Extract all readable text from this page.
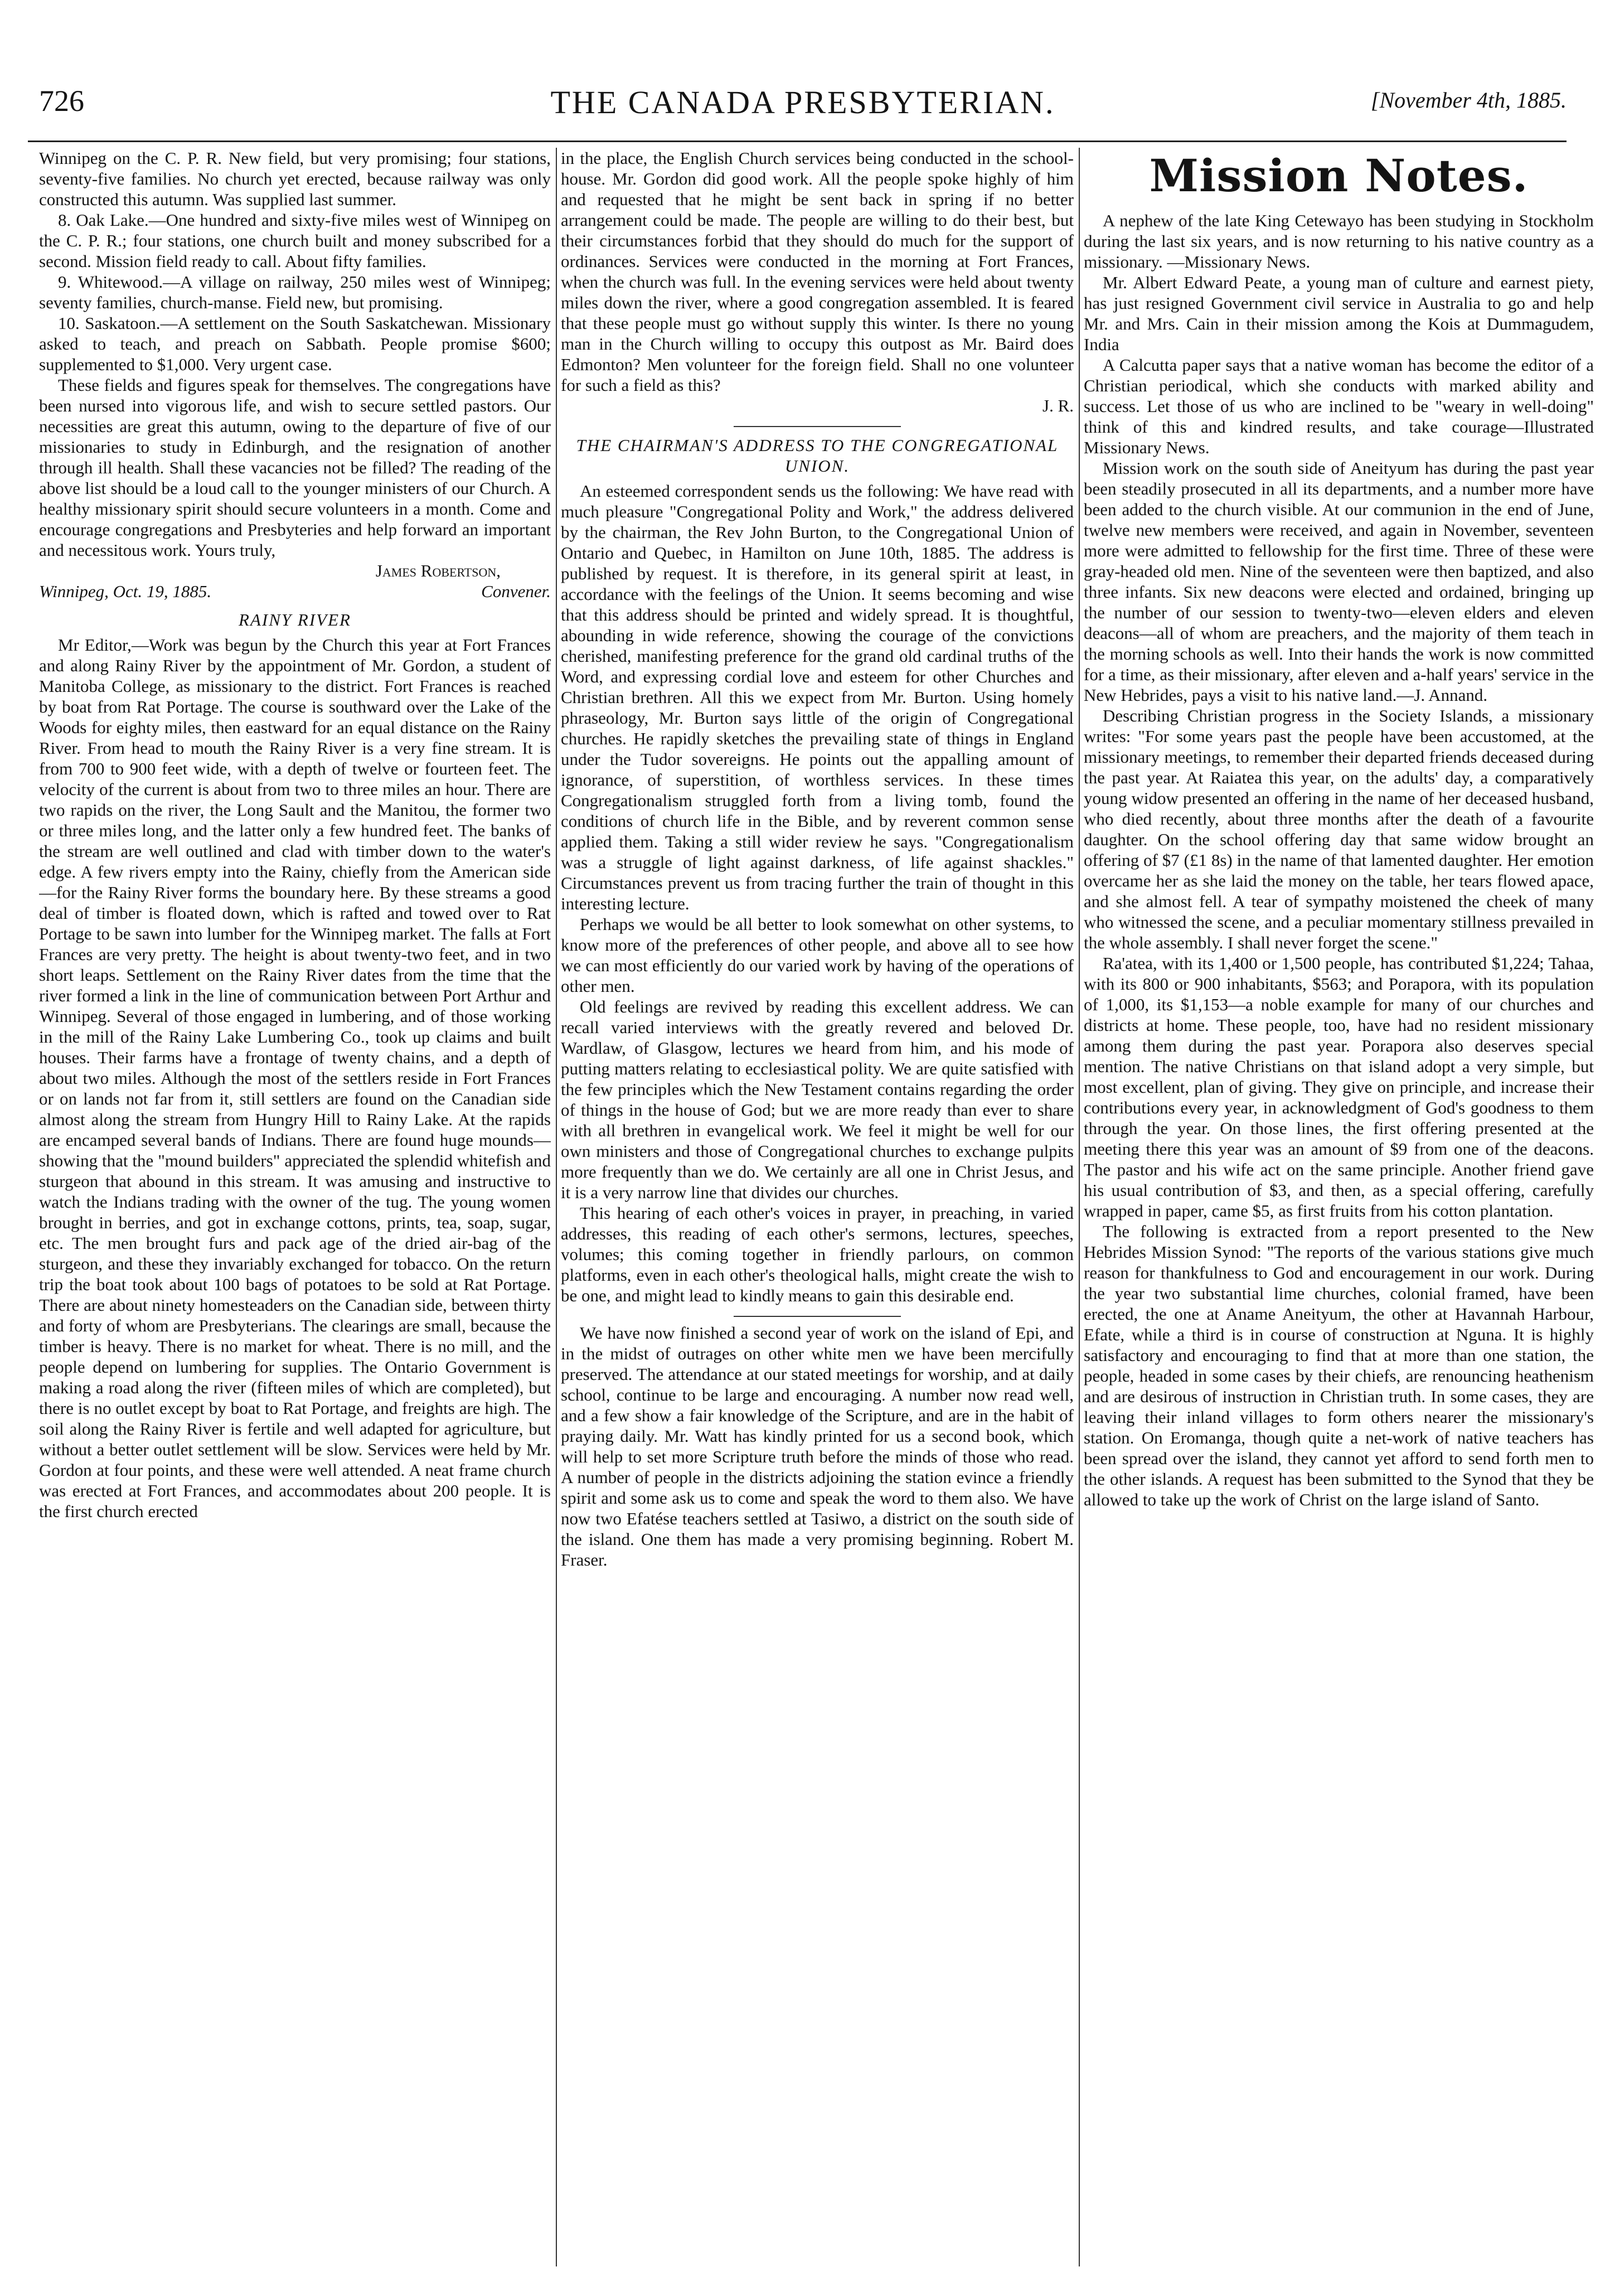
726	THE CANADA PRESBYTERIAN.	[November 4th, 1885.

Winnipeg on the C. P. R. New field, but very promising; four stations, seventy-five families. No church yet erected, because railway was only constructed this autumn. Was supplied last summer.

8. Oak Lake.—One hundred and sixty-five miles west of Winnipeg on the C. P. R.; four stations, one church built and money subscribed for a second. Mission field ready to call. About fifty families.

9. Whitewood.—A village on railway, 250 miles west of Winnipeg; seventy families, church-manse. Field new, but promising.

10. Saskatoon.—A settlement on the South Saskatchewan. Missionary asked to teach, and preach on Sabbath. People promise $600; supplemented to $1,000. Very urgent case.

These fields and figures speak for themselves. The congregations have been nursed into vigorous life, and wish to secure settled pastors. Our necessities are great this autumn, owing to the departure of five of our missionaries to study in Edinburgh, and the resignation of another through ill health. Shall these vacancies not be filled? The reading of the above list should be a loud call to the younger ministers of our Church. A healthy missionary spirit should secure volunteers in a month. Come and encourage congregations and Presbyteries and help forward an important and necessitous work. Yours truly,

James Robertson,
Winnipeg, Oct. 19, 1885.	Convener.
RAINY RIVER

Mr Editor,—Work was begun by the Church this year at Fort Frances and along Rainy River by the appointment of Mr. Gordon, a student of Manitoba College, as missionary to the district. Fort Frances is reached by boat from Rat Portage. The course is southward over the Lake of the Woods for eighty miles, then eastward for an equal distance on the Rainy River. From head to mouth the Rainy River is a very fine stream. It is from 700 to 900 feet wide, with a depth of twelve or fourteen feet. The velocity of the current is about from two to three miles an hour. There are two rapids on the river, the Long Sault and the Manitou, the former two or three miles long, and the latter only a few hundred feet. The banks of the stream are well outlined and clad with timber down to the water's edge. A few rivers empty into the Rainy, chiefly from the American side—for the Rainy River forms the boundary here. By these streams a good deal of timber is floated down, which is rafted and towed over to Rat Portage to be sawn into lumber for the Winnipeg market. The falls at Fort Frances are very pretty. The height is about twenty-two feet, and in two short leaps. Settlement on the Rainy River dates from the time that the river formed a link in the line of communication between Port Arthur and Winnipeg. Several of those engaged in lumbering, and of those working in the mill of the Rainy Lake Lumbering Co., took up claims and built houses. Their farms have a frontage of twenty chains, and a depth of about two miles. Although the most of the settlers reside in Fort Frances or on lands not far from it, still settlers are found on the Canadian side almost along the stream from Hungry Hill to Rainy Lake. At the rapids are encamped several bands of Indians. There are found huge mounds—showing that the "mound builders" appreciated the splendid whitefish and sturgeon that abound in this stream. It was amusing and instructive to watch the Indians trading with the owner of the tug. The young women brought in berries, and got in exchange cottons, prints, tea, soap, sugar, etc. The men brought furs and pack age of the dried air-bag of the sturgeon, and these they invariably exchanged for tobacco. On the return trip the boat took about 100 bags of potatoes to be sold at Rat Portage. There are about ninety homesteaders on the Canadian side, between thirty and forty of whom are Presbyterians. The clearings are small, because the timber is heavy. There is no market for wheat. There is no mill, and the people depend on lumbering for supplies. The Ontario Government is making a road along the river (fifteen miles of which are completed), but there is no outlet except by boat to Rat Portage, and freights are high. The soil along the Rainy River is fertile and well adapted for agriculture, but without a better outlet settlement will be slow. Services were held by Mr. Gordon at four points, and these were well attended. A neat frame church was erected at Fort Frances, and accommodates about 200 people. It is the first church erected

in the place, the English Church services being conducted in the school-house. Mr. Gordon did good work. All the people spoke highly of him and requested that he might be sent back in spring if no better arrangement could be made. The people are willing to do their best, but their circumstances forbid that they should do much for the support of ordinances. Services were conducted in the morning at Fort Frances, when the church was full. In the evening services were held about twenty miles down the river, where a good congregation assembled. It is feared that these people must go without supply this winter. Is there no young man in the Church willing to occupy this outpost as Mr. Baird does Edmonton? Men volunteer for the foreign field. Shall no one volunteer for such a field as this?

J. R.
THE CHAIRMAN'S ADDRESS TO THE CONGREGATIONAL UNION.

An esteemed correspondent sends us the following: We have read with much pleasure "Congregational Polity and Work," the address delivered by the chairman, the Rev John Burton, to the Congregational Union of Ontario and Quebec, in Hamilton on June 10th, 1885. The address is published by request. It is therefore, in its general spirit at least, in accordance with the feelings of the Union. It seems becoming and wise that this address should be printed and widely spread. It is thoughtful, abounding in wide reference, showing the courage of the convictions cherished, manifesting preference for the grand old cardinal truths of the Word, and expressing cordial love and esteem for other Churches and Christian brethren. All this we expect from Mr. Burton. Using homely phraseology, Mr. Burton says little of the origin of Congregational churches. He rapidly sketches the prevailing state of things in England under the Tudor sovereigns. He points out the appalling amount of ignorance, of superstition, of worthless services. In these times Congregationalism struggled forth from a living tomb, found the conditions of church life in the Bible, and by reverent common sense applied them. Taking a still wider review he says. "Congregationalism was a struggle of light against darkness, of life against shackles." Circumstances prevent us from tracing further the train of thought in this interesting lecture.

Perhaps we would be all better to look somewhat on other systems, to know more of the preferences of other people, and above all to see how we can most efficiently do our varied work by having of the operations of other men.

Old feelings are revived by reading this excellent address. We can recall varied interviews with the greatly revered and beloved Dr. Wardlaw, of Glasgow, lectures we heard from him, and his mode of putting matters relating to ecclesiastical polity. We are quite satisfied with the few principles which the New Testament contains regarding the order of things in the house of God; but we are more ready than ever to share with all brethren in evangelical work. We feel it might be well for our own ministers and those of Congregational churches to exchange pulpits more frequently than we do. We certainly are all one in Christ Jesus, and it is a very narrow line that divides our churches.

This hearing of each other's voices in prayer, in preaching, in varied addresses, this reading of each other's sermons, lectures, speeches, volumes; this coming together in friendly parlours, on common platforms, even in each other's theological halls, might create the wish to be one, and might lead to kindly means to gain this desirable end.

We have now finished a second year of work on the island of Epi, and in the midst of outrages on other white men we have been mercifully preserved. The attendance at our stated meetings for worship, and at daily school, continue to be large and encouraging. A number now read well, and a few show a fair knowledge of the Scripture, and are in the habit of praying daily. Mr. Watt has kindly printed for us a second book, which will help to set more Scripture truth before the minds of those who read. A number of people in the districts adjoining the station evince a friendly spirit and some ask us to come and speak the word to them also. We have now two Efatése teachers settled at Tasiwo, a district on the south side of the island. One them has made a very promising beginning. Robert M. Fraser.

Mission Notes.

A nephew of the late King Cetewayo has been studying in Stockholm during the last six years, and is now returning to his native country as a missionary. —Missionary News.

Mr. Albert Edward Peate, a young man of culture and earnest piety, has just resigned Government civil service in Australia to go and help Mr. and Mrs. Cain in their mission among the Kois at Dummagudem, India

A Calcutta paper says that a native woman has become the editor of a Christian periodical, which she conducts with marked ability and success. Let those of us who are inclined to be "weary in well-doing" think of this and kindred results, and take courage—Illustrated Missionary News.

Mission work on the south side of Aneityum has during the past year been steadily prosecuted in all its departments, and a number more have been added to the church visible. At our communion in the end of June, twelve new members were received, and again in November, seventeen more were admitted to fellowship for the first time. Three of these were gray-headed old men. Nine of the seventeen were then baptized, and also three infants. Six new deacons were elected and ordained, bringing up the number of our session to twenty-two—eleven elders and eleven deacons—all of whom are preachers, and the majority of them teach in the morning schools as well. Into their hands the work is now committed for a time, as their missionary, after eleven and a-half years' service in the New Hebrides, pays a visit to his native land.—J. Annand.

Describing Christian progress in the Society Islands, a missionary writes: "For some years past the people have been accustomed, at the missionary meetings, to remember their departed friends deceased during the past year. At Raiatea this year, on the adults' day, a comparatively young widow presented an offering in the name of her deceased husband, who died recently, about three months after the death of a favourite daughter. On the school offering day that same widow brought an offering of $7 (£1 8s) in the name of that lamented daughter. Her emotion overcame her as she laid the money on the table, her tears flowed apace, and she almost fell. A tear of sympathy moistened the cheek of many who witnessed the scene, and a peculiar momentary stillness prevailed in the whole assembly. I shall never forget the scene."

Ra'atea, with its 1,400 or 1,500 people, has contributed $1,224; Tahaa, with its 800 or 900 inhabitants, $563; and Porapora, with its population of 1,000, its $1,153—a noble example for many of our churches and districts at home. These people, too, have had no resident missionary among them during the past year. Porapora also deserves special mention. The native Christians on that island adopt a very simple, but most excellent, plan of giving. They give on principle, and increase their contributions every year, in acknowledgment of God's goodness to them through the year. On those lines, the first offering presented at the meeting there this year was an amount of $9 from one of the deacons. The pastor and his wife act on the same principle. Another friend gave his usual contribution of $3, and then, as a special offering, carefully wrapped in paper, came $5, as first fruits from his cotton plantation.

The following is extracted from a report presented to the New Hebrides Mission Synod: "The reports of the various stations give much reason for thankfulness to God and encouragement in our work. During the year two substantial lime churches, colonial framed, have been erected, the one at Aname Aneityum, the other at Havannah Harbour, Efate, while a third is in course of construction at Nguna. It is highly satisfactory and encouraging to find that at more than one station, the people, headed in some cases by their chiefs, are renouncing heathenism and are desirous of instruction in Christian truth. In some cases, they are leaving their inland villages to form others nearer the missionary's station. On Eromanga, though quite a net-work of native teachers has been spread over the island, they cannot yet afford to send forth men to the other islands. A request has been submitted to the Synod that they be allowed to take up the work of Christ on the large island of Santo.
